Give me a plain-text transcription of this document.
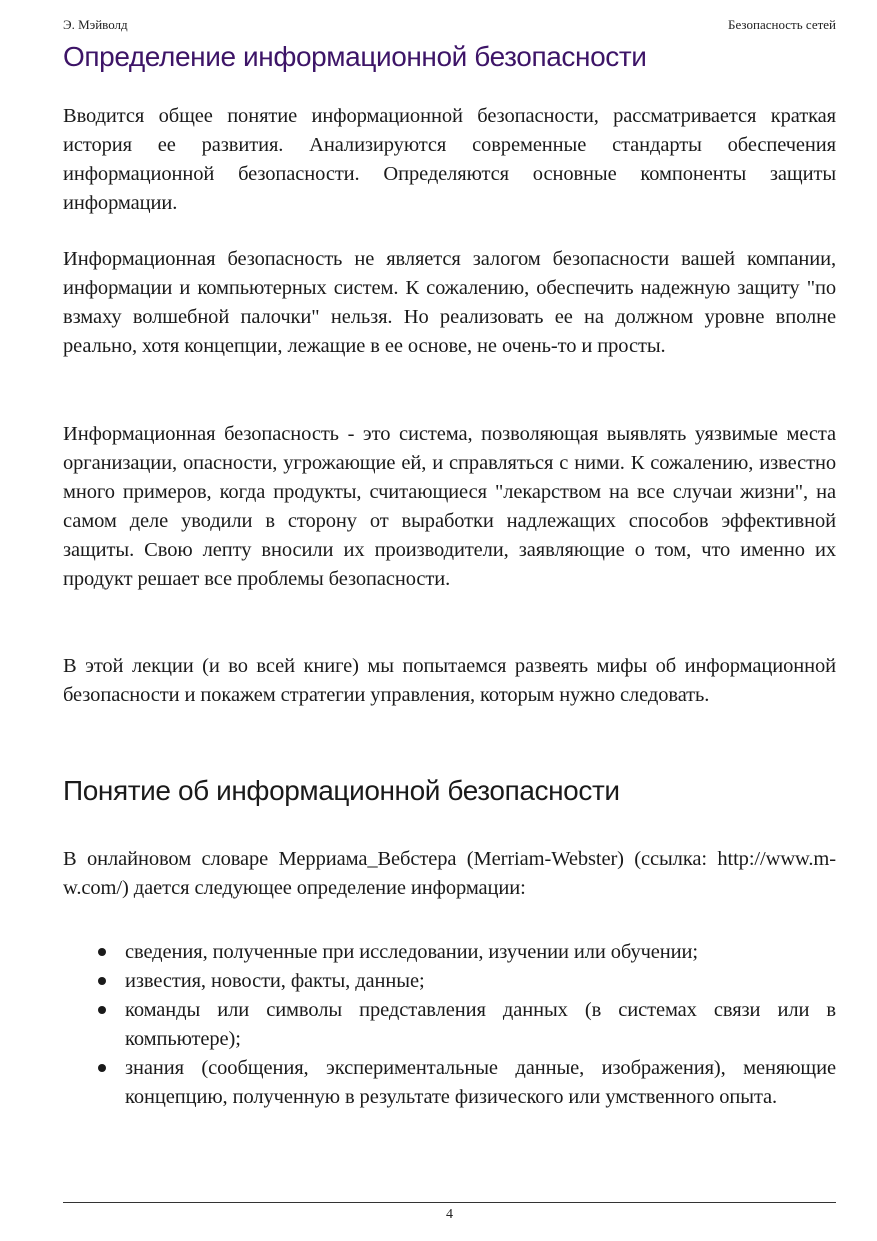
Э. Мэйволд	Безопасность сетей
Определение информационной безопасности

Вводится общее понятие информационной безопасности, рассматривается краткая история ее развития. Анализируются современные стандарты обеспечения информационной безопасности. Определяются основные компоненты защиты информации.

Информационная безопасность не является залогом безопасности вашей компании, информации и компьютерных систем. К сожалению, обеспечить надежную защиту "по взмаху волшебной палочки" нельзя. Но реализовать ее на должном уровне вполне реально, хотя концепции, лежащие в ее основе, не очень-то и просты.

Информационная безопасность - это система, позволяющая выявлять уязвимые места организации, опасности, угрожающие ей, и справляться с ними. К сожалению, известно много примеров, когда продукты, считающиеся "лекарством на все случаи жизни", на самом деле уводили в сторону от выработки надлежащих способов эффективной защиты. Свою лепту вносили их производители, заявляющие о том, что именно их продукт решает все проблемы безопасности.

В этой лекции (и во всей книге) мы попытаемся развеять мифы об информационной безопасности и покажем стратегии управления, которым нужно следовать.

Понятие об информационной безопасности

В онлайновом словаре Мерриама_Вебстера (Merriam-Webster) (ссылка: http://www.m-w.com/) дается следующее определение информации:

сведения, полученные при исследовании, изучении или обучении;
известия, новости, факты, данные;
команды или символы представления данных (в системах связи или в компьютере);
знания (сообщения, экспериментальные данные, изображения), меняющие концепцию, полученную в результате физического или умственного опыта.
4
